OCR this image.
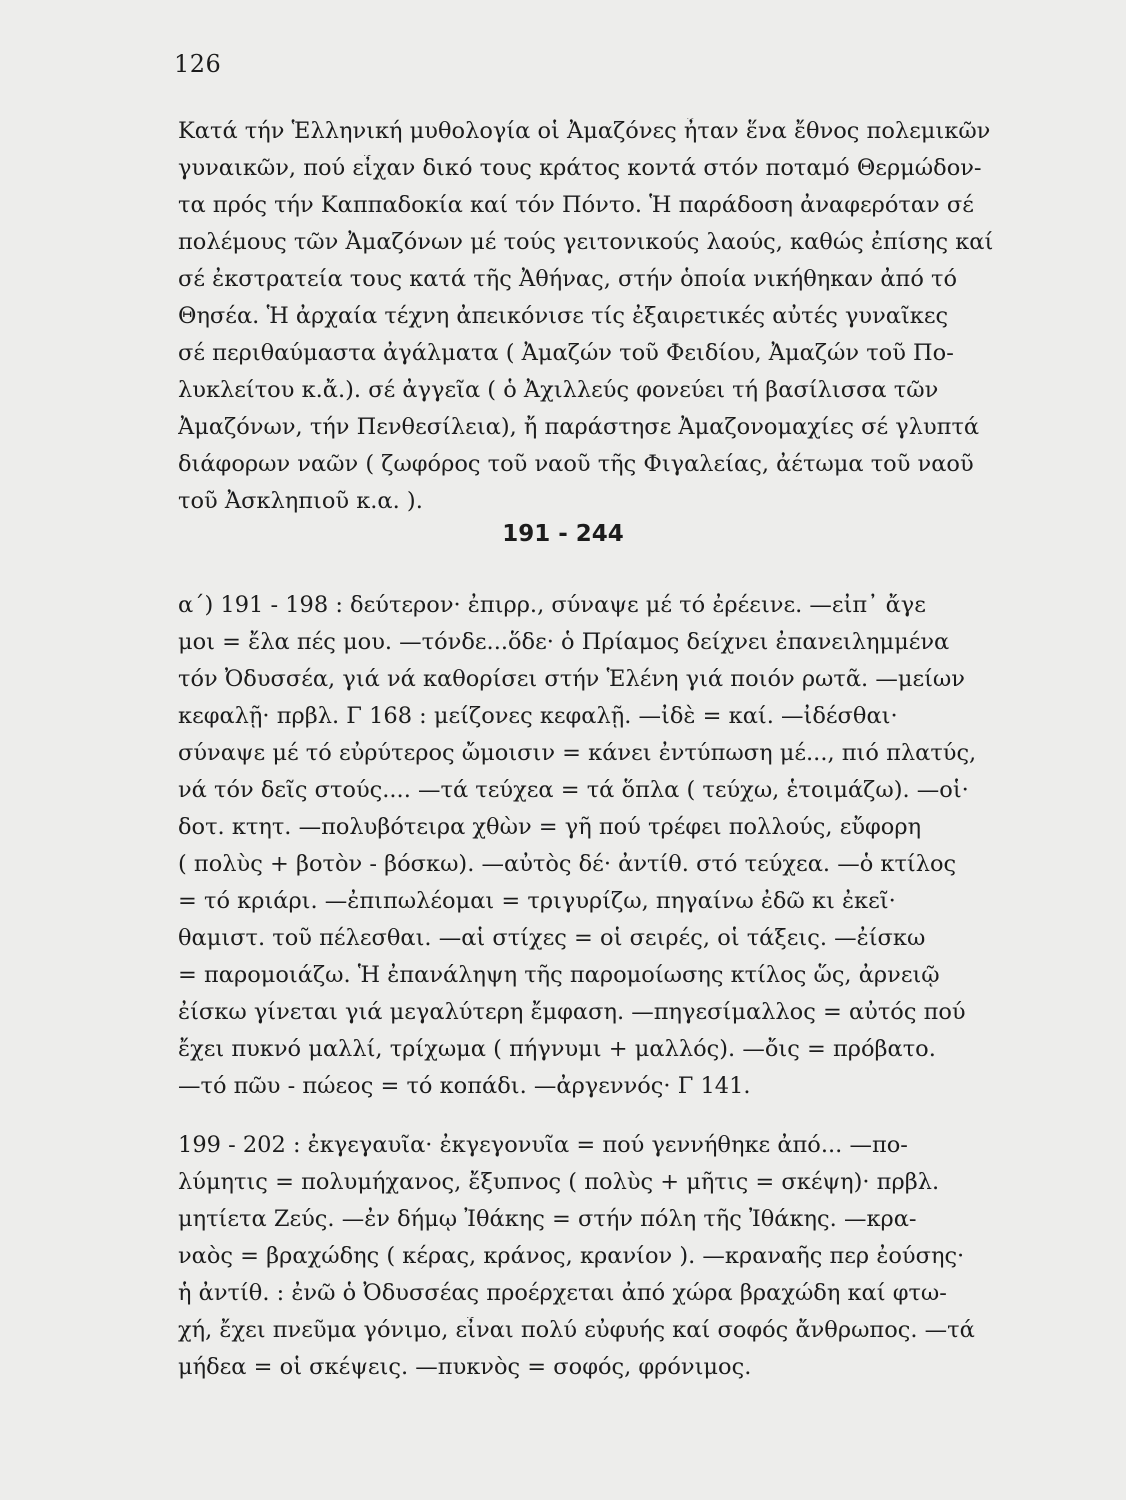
126
Κατά τήν Ἑλληνική μυθολογία οἱ Ἀμαζόνες ἦταν ἕνα ἔθνος πολεμικῶν
γυναικῶν, πού εἶχαν δικό τους κράτος κοντά στόν ποταμό Θερμώδον-
τα πρός τήν Καππαδοκία καί τόν Πόντο. Ἡ παράδοση ἀναφερόταν σέ
πολέμους τῶν Ἀμαζόνων μέ τούς γειτονικούς λαούς, καθώς ἐπίσης καί
σέ ἐκστρατεία τους κατά τῆς Ἀθήνας, στήν ὁποία νικήθηκαν ἀπό τό
Θησέα. Ἡ ἀρχαία τέχνη ἀπεικόνισε τίς ἐξαιρετικές αὐτές γυναῖκες
σέ περιθαύμαστα ἀγάλματα ( Ἀμαζών τοῦ Φειδίου, Ἀμαζών τοῦ Πο-
λυκλείτου κ.ἄ.). σέ ἀγγεῖα ( ὁ Ἀχιλλεύς φονεύει τή βασίλισσα τῶν
Ἀμαζόνων, τήν Πενθεσίλεια), ἤ παράστησε Ἀμαζονομαχίες σέ γλυπτά
διάφορων ναῶν ( ζωφόρος τοῦ ναοῦ τῆς Φιγαλείας, ἀέτωμα τοῦ ναοῦ
τοῦ Ἀσκληπιοῦ κ.α. ).
191 - 244
α΄) 191 - 198 : δεύτερον· ἐπιρρ., σύναψε μέ τό ἐρέεινε. —εἰπ᾽ ἄγε
μοι = ἔλα πές μου. —τόνδε...ὅδε· ὁ Πρίαμος δείχνει ἐπανειλημμένα
τόν Ὀδυσσέα, γιά νά καθορίσει στήν Ἑλένη γιά ποιόν ρωτᾶ. —μείων
κεφαλῇ· πρβλ. Γ 168 : μείζονες κεφαλῇ. —ἰδὲ = καί. —ἰδέσθαι·
σύναψε μέ τό εὐρύτερος ὤμοισιν = κάνει ἐντύπωση μέ..., πιό πλατύς,
νά τόν δεῖς στούς.... —τά τεύχεα = τά ὅπλα ( τεύχω, ἑτοιμάζω). —οἱ·
δοτ. κτητ. —πολυβότειρα χθὼν = γῆ πού τρέφει πολλούς, εὔφορη
( πολὺς + βοτὸν - βόσκω). —αὐτὸς δέ· ἀντίθ. στό τεύχεα. —ὁ κτίλος
= τό κριάρι. —ἐπιπωλέομαι = τριγυρίζω, πηγαίνω ἐδῶ κι ἐκεῖ·
θαμιστ. τοῦ πέλεσθαι. —αἱ στίχες = οἱ σειρές, οἱ τάξεις. —ἐίσκω
= παρομοιάζω. Ἡ ἐπανάληψη τῆς παρομοίωσης κτίλος ὥς, ἀρνειῷ
ἐίσκω γίνεται γιά μεγαλύτερη ἔμφαση. —πηγεσίμαλλος = αὐτός πού
ἔχει πυκνό μαλλί, τρίχωμα ( πήγνυμι + μαλλός). —ὄις = πρόβατο.
—τό πῶυ - πώεος = τό κοπάδι. —ἀργεννός· Γ 141.
199 - 202 : ἐκγεγαυῖα· ἐκγεγονυῖα = πού γεννήθηκε ἀπό... —πο-
λύμητις = πολυμήχανος, ἔξυπνος ( πολὺς + μῆτις = σκέψη)· πρβλ.
μητίετα Ζεύς. —ἐν δήμῳ Ἰθάκης = στήν πόλη τῆς Ἰθάκης. —κρα-
ναὸς = βραχώδης ( κέρας, κράνος, κρανίον ). —κραναῆς περ ἐούσης·
ἡ ἀντίθ. : ἐνῶ ὁ Ὀδυσσέας προέρχεται ἀπό χώρα βραχώδη καί φτω-
χή, ἔχει πνεῦμα γόνιμο, εἶναι πολύ εὐφυής καί σοφός ἄνθρωπος. —τά
μήδεα = οἱ σκέψεις. —πυκνὸς = σοφός, φρόνιμος.
